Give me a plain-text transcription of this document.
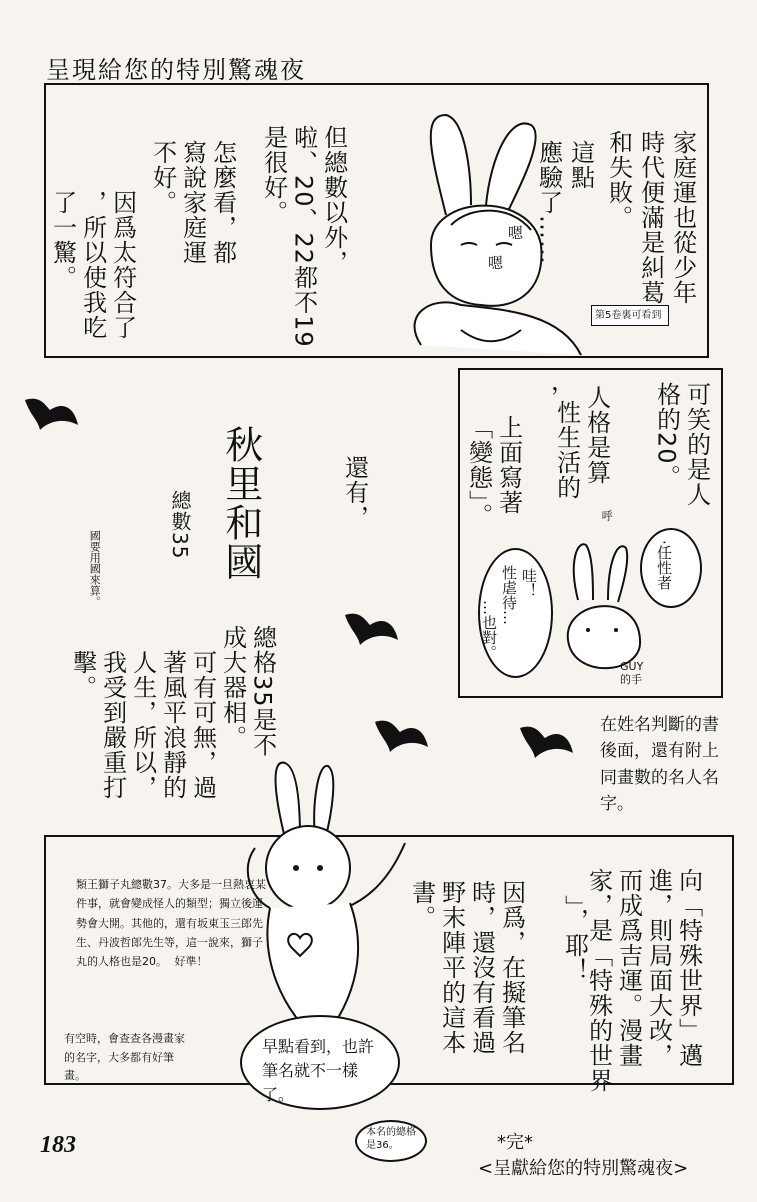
呈現給您的特別驚魂夜
家庭運也從少年
時代便滿是糾葛
和失敗。
這點
應驗了……
嗯
嗯
第5卷裏可看到
但總數以外，
啦、20、22都不19
是很好。
怎麼看，都
寫說家庭運
不好。
因爲太符合了
，所以使我吃
了一驚。
可笑的是人
格的20。
人格是算
性生活的
，
上面寫著
「變態」。
·任性者
哇！
性虐待…
…也對。
呼
GUY的手
還有，
秋里和國
總數35
國要用國來算。
總格35是不
成大器相。
可有可無，過
著風平浪靜的
人生，所以，
我受到嚴重打
擊。
在姓名判斷的書後面，還有附上同畫數的名人名字。
類王獅子丸總數37。大多是一旦熱衷某件事，就會變成怪人的類型；獨立後運勢會大開。其他的，還有坂東玉三郎先生、丹波哲郎先生等，這一說來，獅子丸的人格也是20。 好準！
有空時，會查查各漫畫家的名字，大多都有好筆畫。
向「特殊世界」邁
進，則局面大改，
而成爲吉運。漫畫
家，是「特殊的世界
」，耶！
因爲，在擬筆名
時，還沒有看過
野末陣平的這本
書。
早點看到，也許筆名就不一樣了。
本名的總格是36。
183	*完*
<呈獻給您的特別驚魂夜>
